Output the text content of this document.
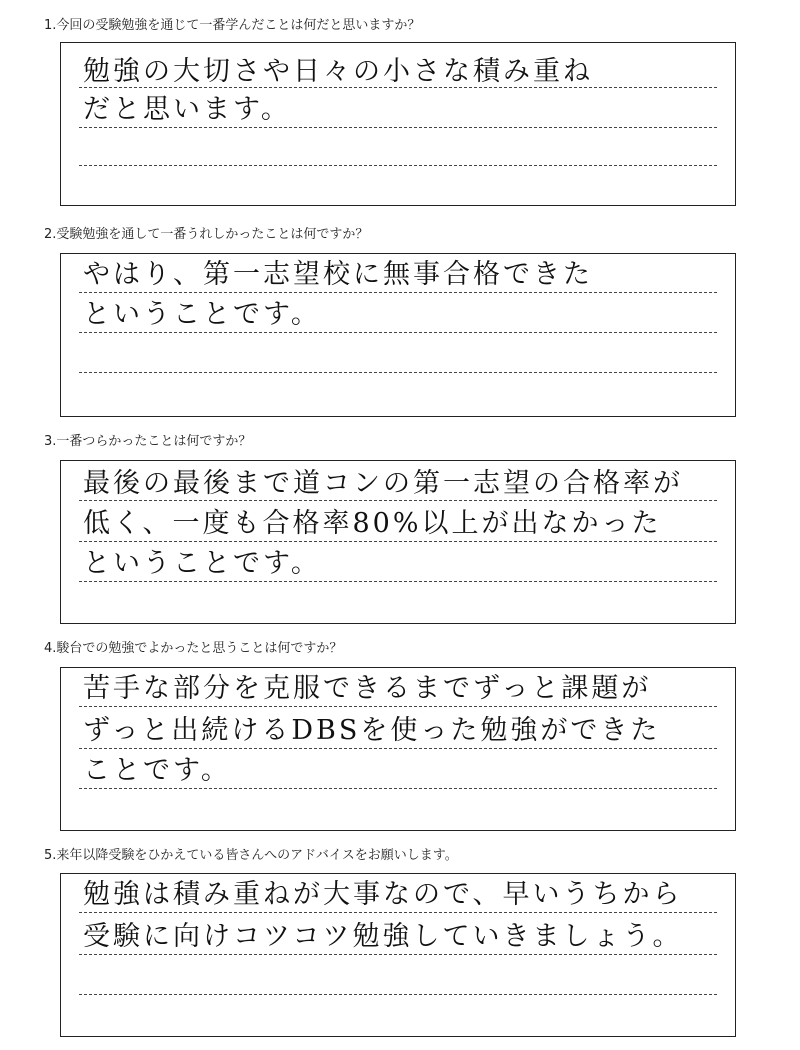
1.今回の受験勉強を通じて一番学んだことは何だと思いますか？
勉強の大切さや日々の小さな積み重ね
だと思います。
2.受験勉強を通して一番うれしかったことは何ですか？
やはり、第一志望校に無事合格できた
ということです。
3.一番つらかったことは何ですか？
最後の最後まで道コンの第一志望の合格率が
低く、一度も合格率80%以上が出なかった
ということです。
4.駿台での勉強でよかったと思うことは何ですか？
苦手な部分を克服できるまでずっと課題が
ずっと出続けるDBSを使った勉強ができた
ことです。
5.来年以降受験をひかえている皆さんへのアドバイスをお願いします。
勉強は積み重ねが大事なので、早いうちから
受験に向けコツコツ勉強していきましょう。
